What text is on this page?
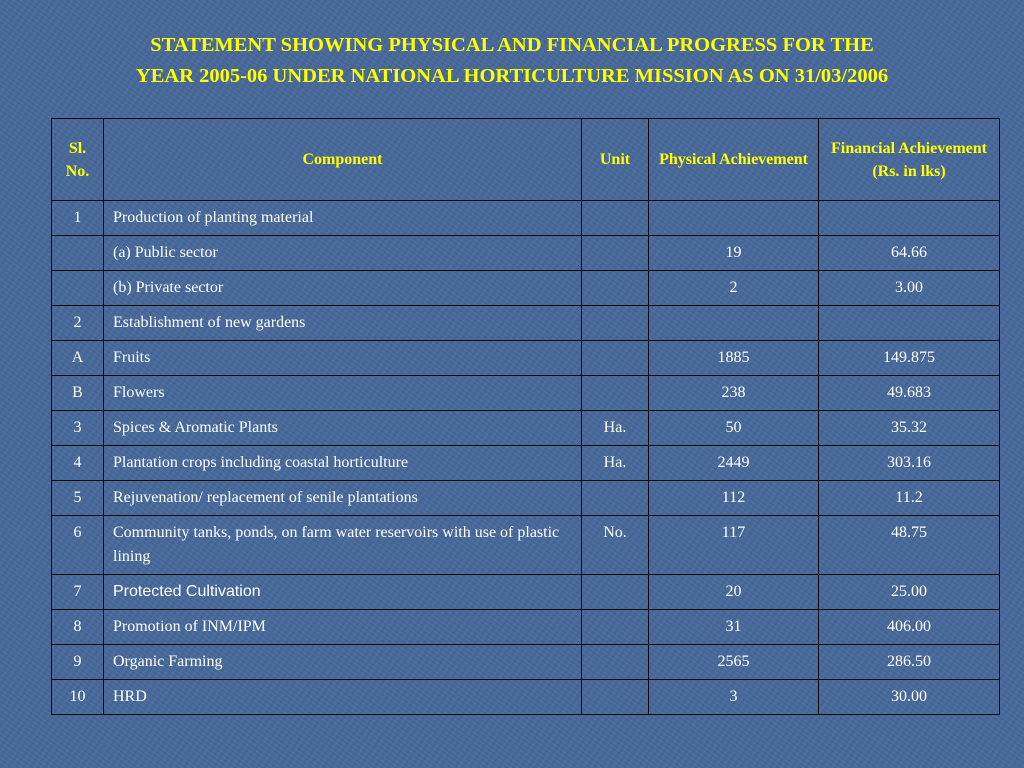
STATEMENT SHOWING PHYSICAL AND FINANCIAL PROGRESS FOR THE
YEAR 2005-06 UNDER NATIONAL HORTICULTURE MISSION AS ON 31/03/2006
Sl. No.	Component	Unit	Physical Achievement	Financial Achievement (Rs. in lks)
1	Production of planting material			
	(a) Public sector		19	64.66
	(b) Private sector		2	3.00
2	Establishment of new gardens			
A	Fruits		1885	149.875
B	Flowers		238	49.683
3	Spices & Aromatic Plants	Ha.	50	35.32
4	Plantation crops including coastal horticulture	Ha.	2449	303.16
5	Rejuvenation/ replacement of senile plantations		112	11.2
6	Community tanks, ponds, on farm water reservoirs with use of plastic lining	No.	117	48.75
7	Protected Cultivation		20	25.00
8	Promotion of INM/IPM		31	406.00
9	Organic Farming		2565	286.50
10	HRD		3	30.00
